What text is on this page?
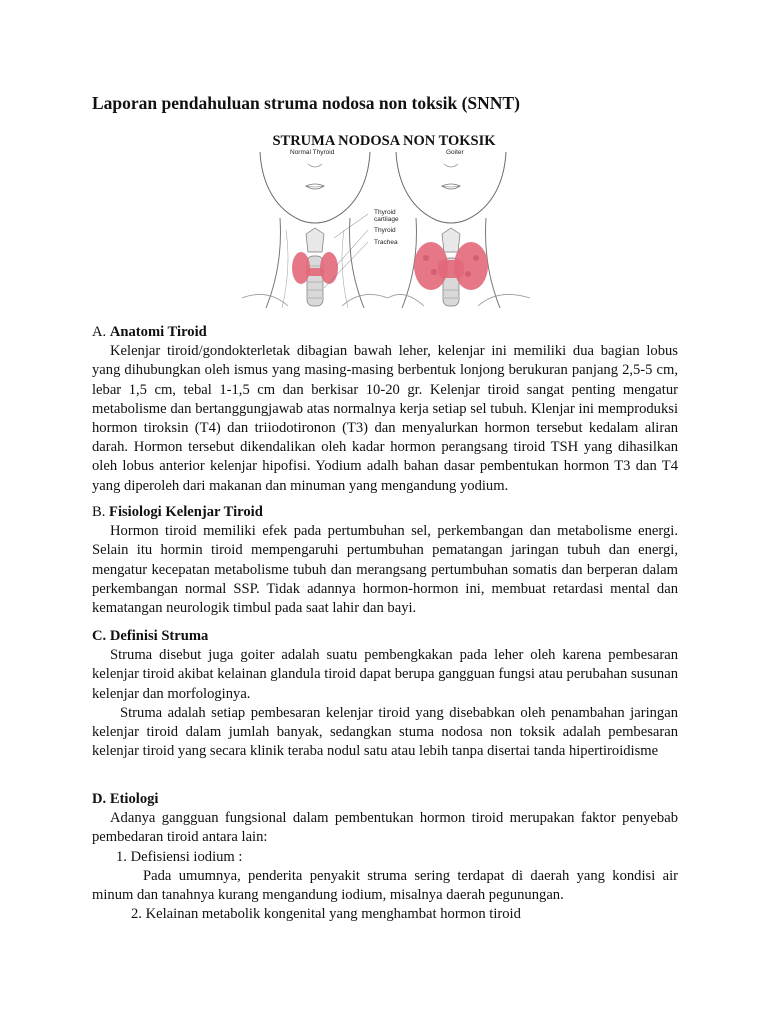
Laporan pendahuluan struma nodosa non toksik (SNNT)
STRUMA NODOSA NON TOKSIK
Normal Thyroid	Goiter
Thyroid
cartilage
Thyroid
Trachea

A. Anatomi Tiroid

Kelenjar tiroid/gondokterletak dibagian bawah leher, kelenjar ini memiliki dua bagian lobus yang dihubungkan oleh ismus yang masing-masing berbentuk lonjong berukuran panjang 2,5-5 cm, lebar 1,5 cm, tebal 1-1,5 cm dan berkisar 10-20 gr. Kelenjar tiroid sangat penting mengatur metabolisme dan bertanggungjawab atas normalnya kerja setiap sel tubuh. Klenjar ini memproduksi hormon tiroksin (T4) dan triiodotironon (T3) dan menyalurkan hormon tersebut kedalam aliran darah. Hormon tersebut dikendalikan oleh kadar hormon perangsang tiroid TSH yang dihasilkan oleh lobus anterior kelenjar hipofisi. Yodium adalh bahan dasar pembentukan hormon T3 dan T4 yang diperoleh dari makanan dan minuman yang mengandung yodium.

B. Fisiologi Kelenjar Tiroid

Hormon tiroid memiliki efek pada pertumbuhan sel, perkembangan dan metabolisme energi. Selain itu hormin tiroid mempengaruhi pertumbuhan pematangan jaringan tubuh dan energi, mengatur kecepatan metabolisme tubuh dan merangsang pertumbuhan somatis dan berperan dalam perkembangan normal SSP. Tidak adannya hormon-hormon ini, membuat retardasi mental dan kematangan neurologik timbul pada saat lahir dan bayi.

C. Definisi Struma

Struma disebut juga goiter adalah suatu pembengkakan pada leher oleh karena pembesaran kelenjar tiroid akibat kelainan glandula tiroid dapat berupa gangguan fungsi atau perubahan susunan kelenjar dan morfologinya.

Struma adalah setiap pembesaran kelenjar tiroid yang disebabkan oleh penambahan jaringan kelenjar tiroid dalam jumlah banyak, sedangkan stuma nodosa non toksik adalah pembesaran kelenjar tiroid yang secara klinik teraba nodul satu atau lebih tanpa disertai tanda hipertiroidisme

D. Etiologi

Adanya gangguan fungsional dalam pembentukan hormon tiroid merupakan faktor penyebab pembedaran tiroid antara lain:

1. Defisiensi iodium :

Pada umumnya, penderita penyakit struma sering terdapat di daerah yang kondisi air minum dan tanahnya kurang mengandung iodium, misalnya daerah pegunungan.

2. Kelainan metabolik kongenital yang menghambat hormon tiroid
